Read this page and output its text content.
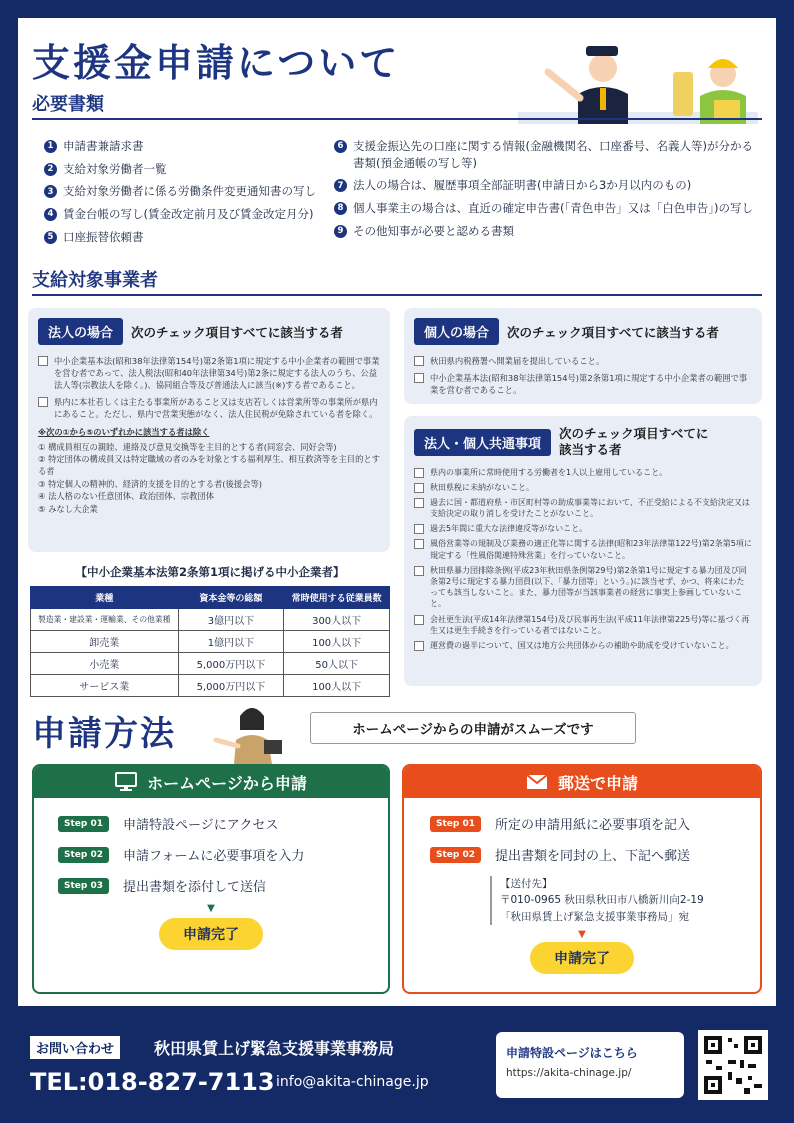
支援金申請について
必要書類
1 申請書兼請求書
2 支給対象労働者一覧
3 支給対象労働者に係る労働条件変更通知書の写し
4 賃金台帳の写し(賃金改定前月及び賃金改定月分)
5 口座振替依頼書
6 支援金振込先の口座に関する情報(金融機関名、口座番号、名義人等)が分かる書類(預金通帳の写し等)
7 法人の場合は、履歴事項全部証明書(申請日から3か月以内のもの)
8 個人事業主の場合は、直近の確定申告書(「青色申告」又は「白色申告」)の写し
9 その他知事が必要と認める書類
支給対象事業者
法人の場合	次のチェック項目すべてに該当する者
中小企業基本法(昭和38年法律第154号)第2条第1項に規定する中小企業者の範囲で事業を営む者であって、法人税法(昭和40年法律第34号)第2条に規定する法人のうち、公益法人等(宗教法人を除く。)、協同組合等及び普通法人に該当(※)する者であること。
県内に本社若しくは主たる事業所があること又は支店若しくは営業所等の事業所が県内にあること。ただし、県内で営業実態がなく、法人住民税が免除されている者を除く。
※次の①から⑤のいずれかに該当する者は除く
① 構成員相互の親睦、連絡及び意見交換等を主目的とする者(同窓会、同好会等)
② 特定団体の構成員又は特定職域の者のみを対象とする福利厚生、相互救済等を主目的とする者
③ 特定個人の精神的、経済的支援を目的とする者(後援会等)
④ 法人格のない任意団体、政治団体、宗教団体
⑤ みなし大企業
【中小企業基本法第2条第1項に掲げる中小企業者】
業種	資本金等の総額	常時使用する従業員数
製造業・建設業・運輸業、その他業種	3億円以下	300人以下
卸売業	1億円以下	100人以下
小売業	5,000万円以下	50人以下
サービス業	5,000万円以下	100人以下
個人の場合	次のチェック項目すべてに該当する者
秋田県内税務署へ開業届を提出していること。
中小企業基本法(昭和38年法律第154号)第2条第1項に規定する中小企業者の範囲で事業を営む者であること。
法人・個人共通事項
次のチェック項目すべてに
該当する者
県内の事業所に常時使用する労働者を1人以上雇用していること。
秋田県税に未納がないこと。
過去に国・都道府県・市区町村等の助成事業等において、不正受給による不支給決定又は支給決定の取り消しを受けたことがないこと。
過去5年間に重大な法律違反等がないこと。
風俗営業等の規制及び業務の適正化等に関する法律(昭和23年法律第122号)第2条第5項に規定する「性風俗関連特殊営業」を行っていないこと。
秋田県暴力団排除条例(平成23年秋田県条例第29号)第2条第1号に規定する暴力団及び同条第2号に規定する暴力団員(以下、「暴力団等」という。)に該当せず、かつ、将来にわたっても該当しないこと。また、暴力団等が当該事業者の経営に事実上参画していないこと。
会社更生法(平成14年法律第154号)及び民事再生法(平成11年法律第225号)等に基づく再生又は更生手続きを行っている者ではないこと。
運営費の過半について、国又は地方公共団体からの補助や助成を受けていないこと。
申請方法	ホームページからの申請がスムーズです
ホームページから申請
Step 01	申請特設ページにアクセス
Step 02	申請フォームに必要事項を入力
Step 03	提出書類を添付して送信
▼
申請完了
郵送で申請
Step 01	所定の申請用紙に必要事項を記入
Step 02	提出書類を同封の上、下記へ郵送
【送付先】
〒010-0965 秋田県秋田市八橋新川向2-19
「秋田県賃上げ緊急支援事業事務局」宛
▼
申請完了
お問い合わせ	秋田県賃上げ緊急支援事業事務局
TEL:018-827-7113 info@akita-chinage.jp
申請特設ページはこちら
https://akita-chinage.jp/
